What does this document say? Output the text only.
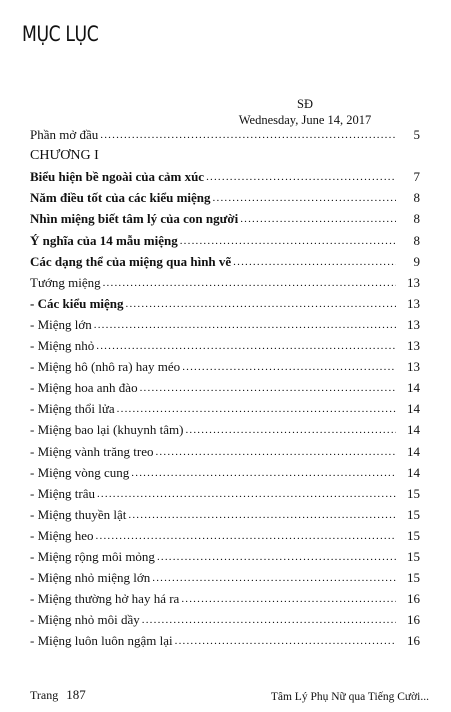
MỤC LỤC
SĐ
Wednesday, June 14, 2017
Phần mở đầu .....	5
CHƯƠNG I
Biểu hiện bề ngoài của cảm xúc .....	7
Năm điều tốt của các kiểu miệng .....	8
Nhìn miệng biết tâm lý của con người .....	8
Ý nghĩa của 14 mẫu miệng .....	8
Các dạng thể của miệng qua hình vẽ .....	9
Tướng miệng .....	13
- Các kiểu miệng .....	13
- Miệng lớn .....	13
- Miệng nhỏ .....	13
- Miệng hô (nhô ra) hay méo .....	13
- Miệng hoa anh đào .....	14
- Miệng thổi lửa .....	14
- Miệng bao lại (khuynh tâm) .....	14
- Miệng vành trăng treo .....	14
- Miệng vòng cung .....	14
- Miệng trâu .....	15
- Miệng thuyền lật .....	15
- Miệng heo .....	15
- Miệng rộng môi mỏng .....	15
- Miệng nhỏ miệng lớn .....	15
- Miệng thường hở hay há ra .....	16
- Miệng nhỏ môi dầy .....	16
- Miệng luôn luôn ngậm lại .....	16
Trang 187	Tâm Lý Phụ Nữ qua Tiếng Cười...
